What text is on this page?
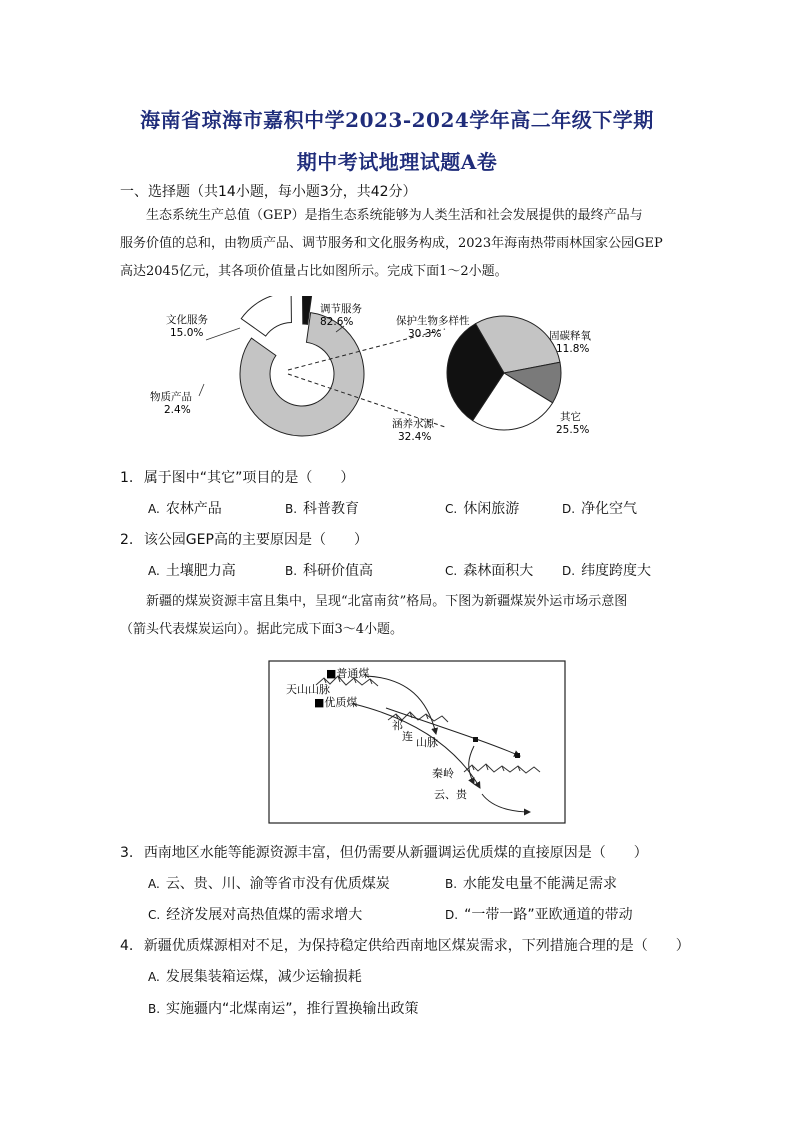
海南省琼海市嘉积中学2023-2024学年高二年级下学期
期中考试地理试题A卷
一、选择题（共14小题，每小题3分，共42分）
生态系统生产总值（GEP）是指生态系统能够为人类生活和社会发展提供的最终产品与
服务价值的总和，由物质产品、调节服务和文化服务构成，2023年海南热带雨林国家公园GEP
高达2045亿元，其各项价值量占比如图所示。完成下面1～2小题。
文化服务
15.0%
调节服务
82.6%
物质产品
2.4%
保护生物多样性
30.3%	固碳释氧
11.8%
其它
25.5%
涵养水源
32.4%
1. 属于图中“其它”项目的是（　　）
A. 农林产品	B. 科普教育	C. 休闲旅游	D. 净化空气
2. 该公园GEP高的主要原因是（　　）
A. 土壤肥力高	B. 科研价值高	C. 森林面积大 D. 纬度跨度大
新疆的煤炭资源丰富且集中，呈现“北富南贫”格局。下图为新疆煤炭外运市场示意图
（箭头代表煤炭运向）。据此完成下面3～4小题。
■普通煤
天山山脉
■优质煤
祁
连 山脉
秦岭
云、贵
3. 西南地区水能等能源资源丰富，但仍需要从新疆调运优质煤的直接原因是（　　）
A. 云、贵、川、渝等省市没有优质煤炭	B. 水能发电量不能满足需求
C. 经济发展对高热值煤的需求增大	D. “一带一路”亚欧通道的带动
4. 新疆优质煤源相对不足，为保持稳定供给西南地区煤炭需求，下列措施合理的是（　　）
A. 发展集装箱运煤，减少运输损耗
B. 实施疆内“北煤南运”，推行置换输出政策
